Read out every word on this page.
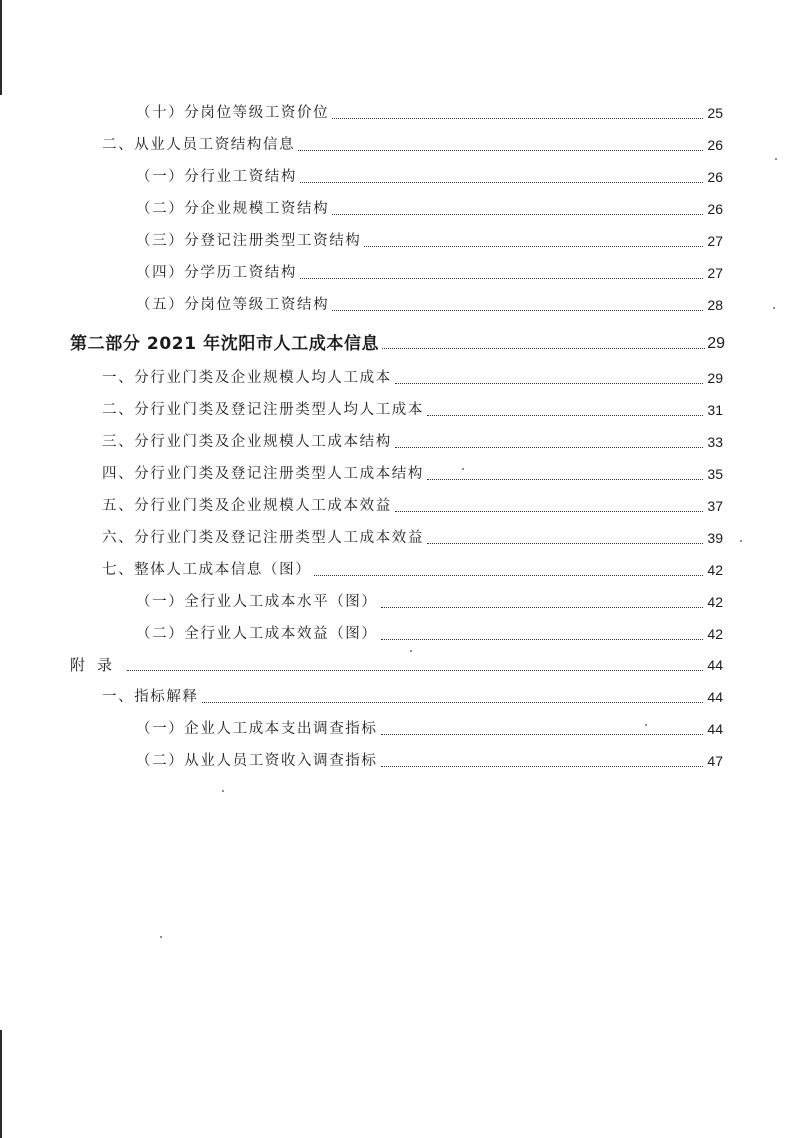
（十）分岗位等级工资价位	25
二、从业人员工资结构信息	26
（一）分行业工资结构	26
（二）分企业规模工资结构	26
（三）分登记注册类型工资结构	27
（四）分学历工资结构	27
（五）分岗位等级工资结构	28
第二部分 2021 年沈阳市人工成本信息	29
一、分行业门类及企业规模人均人工成本	29
二、分行业门类及登记注册类型人均人工成本	31
三、分行业门类及企业规模人工成本结构	33
四、分行业门类及登记注册类型人工成本结构	35
五、分行业门类及企业规模人工成本效益	37
六、分行业门类及登记注册类型人工成本效益	39
七、整体人工成本信息（图）	42
（一）全行业人工成本水平（图）	42
（二）全行业人工成本效益（图）	42
附录	44
一、指标解释	44
（一）企业人工成本支出调查指标	44
（二）从业人员工资收入调查指标	47
